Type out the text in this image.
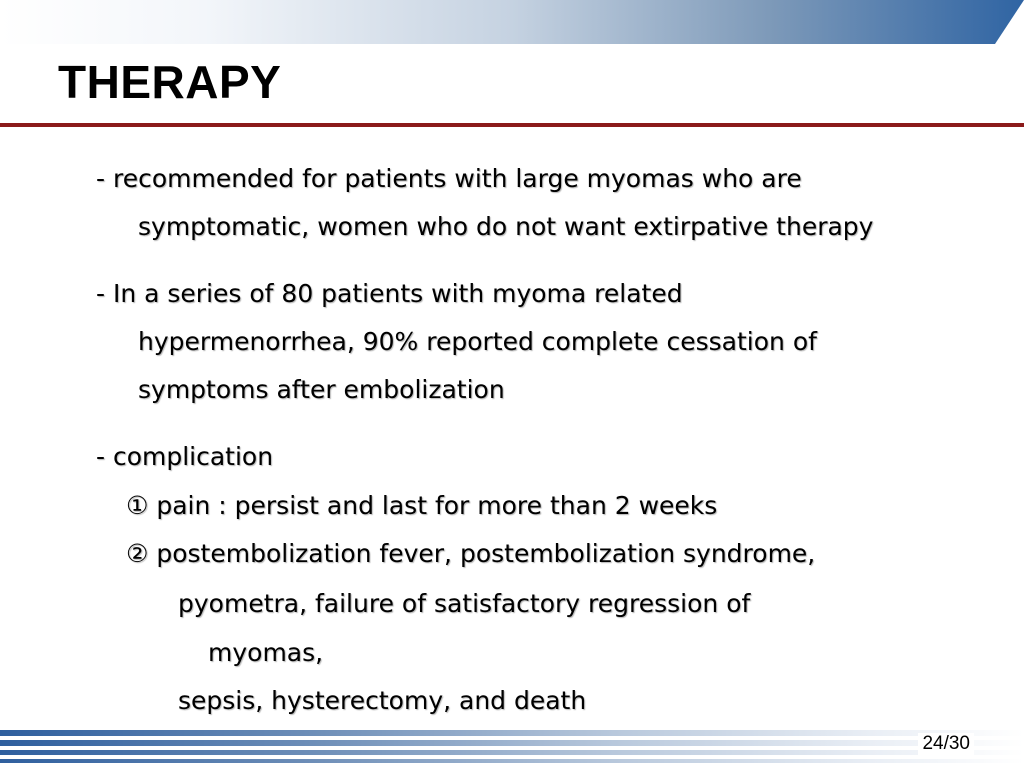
THERAPY
- recommended for patients with large myomas who are
symptomatic, women who do not want extirpative therapy
- In a series of 80 patients with myoma related
hypermenorrhea, 90% reported complete cessation of
symptoms after embolization
- complication
① pain : persist and last for more than 2 weeks
② postembolization fever, postembolization syndrome,
pyometra, failure of satisfactory regression of
myomas,
sepsis, hysterectomy, and death
24/30
